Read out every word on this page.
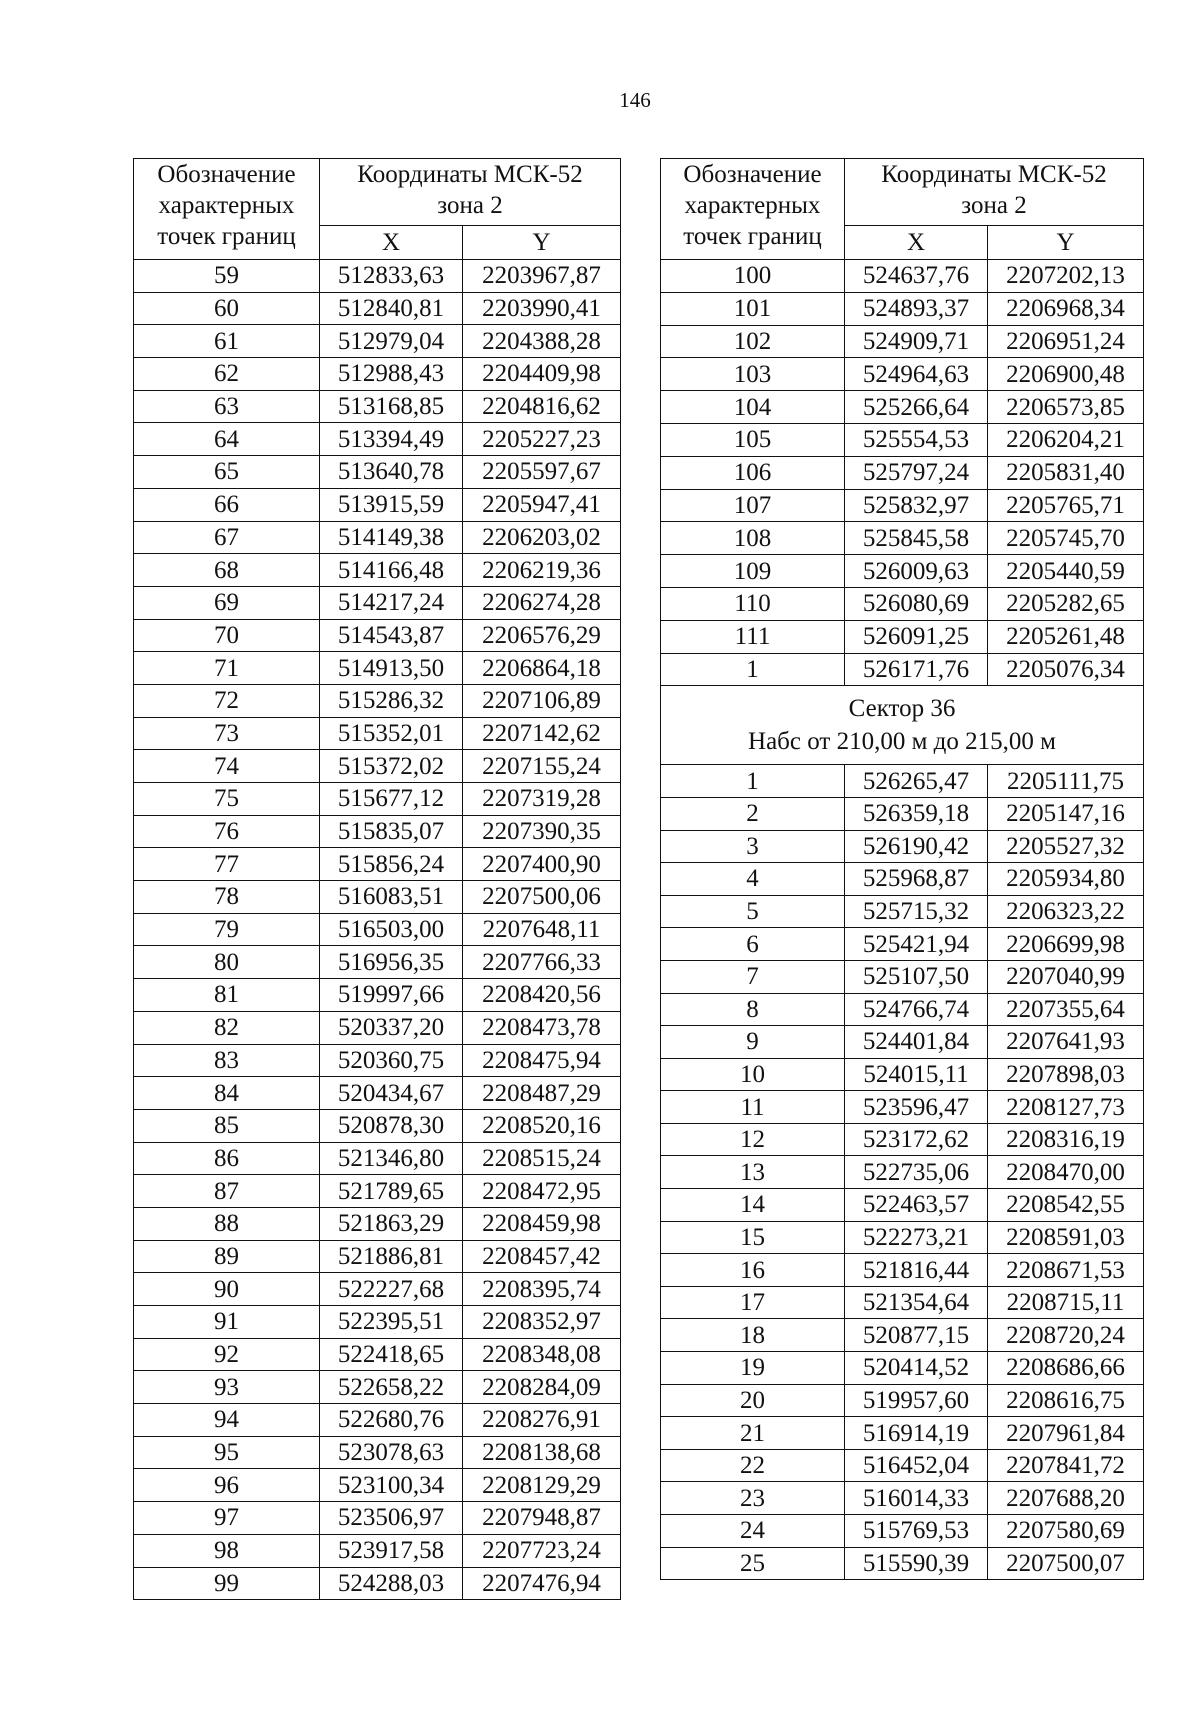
146
Обозначение
характерных
точек границ	Координаты МСК-52
зона 2	
	X	Y
59	512833,63	2203967,87
60	512840,81	2203990,41
61	512979,04	2204388,28
62	512988,43	2204409,98
63	513168,85	2204816,62
64	513394,49	2205227,23
65	513640,78	2205597,67
66	513915,59	2205947,41
67	514149,38	2206203,02
68	514166,48	2206219,36
69	514217,24	2206274,28
70	514543,87	2206576,29
71	514913,50	2206864,18
72	515286,32	2207106,89
73	515352,01	2207142,62
74	515372,02	2207155,24
75	515677,12	2207319,28
76	515835,07	2207390,35
77	515856,24	2207400,90
78	516083,51	2207500,06
79	516503,00	2207648,11
80	516956,35	2207766,33
81	519997,66	2208420,56
82	520337,20	2208473,78
83	520360,75	2208475,94
84	520434,67	2208487,29
85	520878,30	2208520,16
86	521346,80	2208515,24
87	521789,65	2208472,95
88	521863,29	2208459,98
89	521886,81	2208457,42
90	522227,68	2208395,74
91	522395,51	2208352,97
92	522418,65	2208348,08
93	522658,22	2208284,09
94	522680,76	2208276,91
95	523078,63	2208138,68
96	523100,34	2208129,29
97	523506,97	2207948,87
98	523917,58	2207723,24
99	524288,03	2207476,94
Обозначение
характерных
точек границ	Координаты МСК-52
зона 2	
	X	Y
100	524637,76	2207202,13
101	524893,37	2206968,34
102	524909,71	2206951,24
103	524964,63	2206900,48
104	525266,64	2206573,85
105	525554,53	2206204,21
106	525797,24	2205831,40
107	525832,97	2205765,71
108	525845,58	2205745,70
109	526009,63	2205440,59
110	526080,69	2205282,65
111	526091,25	2205261,48
1	526171,76	2205076,34
Сектор 36
Набс от 210,00 м до 215,00 м		
1	526265,47	2205111,75
2	526359,18	2205147,16
3	526190,42	2205527,32
4	525968,87	2205934,80
5	525715,32	2206323,22
6	525421,94	2206699,98
7	525107,50	2207040,99
8	524766,74	2207355,64
9	524401,84	2207641,93
10	524015,11	2207898,03
11	523596,47	2208127,73
12	523172,62	2208316,19
13	522735,06	2208470,00
14	522463,57	2208542,55
15	522273,21	2208591,03
16	521816,44	2208671,53
17	521354,64	2208715,11
18	520877,15	2208720,24
19	520414,52	2208686,66
20	519957,60	2208616,75
21	516914,19	2207961,84
22	516452,04	2207841,72
23	516014,33	2207688,20
24	515769,53	2207580,69
25	515590,39	2207500,07
